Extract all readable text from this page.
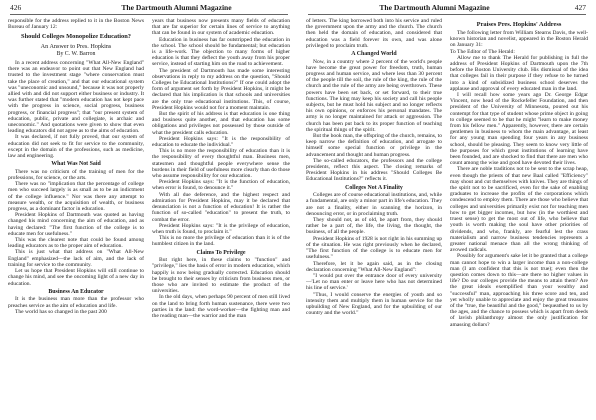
426	The Dartmouth Alumni Magazine

responsible for the address replied to it in the Boston News Bureau of January 12:

Should Colleges Monopolize Education?
An Answer to Pres. Hopkins
By C. W. Barron

In a recent address concerning "What All-New England" there was an endeavor to point out that New England had trusted to the investment stage "where conservation must take the place of creation," and that our educational system was "uneconomic and unsound," because it was not properly allied with and did not support either business or industry. It was further stated that "modern education has not kept pace with the progress in science, social progress, business progress, or financial progress"; that "our present system of education, public, private and collegiate, is archaic and uneconomic." And quotations were given to show that even leading educators did not agree as to the aims of education.

It was declared, if not fully proved, that our system of education did not seek to fit for service to the community, except in the domain of the professions, such as medicine, law and engineering.

What Was Not Said

There was no criticism of the training of men for the professions, for science, or the arts.

There was no "implication that the percentage of college men who succeed largely is as small as to be an indictment of the college influence." Nor was there any attempt to measure wealth, or the acquisition of wealth, or business progress, as a dominant factor in education.

President Hopkins of Dartmouth was quoted as having changed his mind concerning the aim of education, and as having declared: "The first function of the college is to educate men for usefulness."

This was the clearest note that could be found among leading educators as to the proper aim of education.

This is just what that address on "What All-New England" emphasized—the lack of aim, and the lack of training for service to the community.

Let us hope that President Hopkins will still continue to change his mind, and see the oncoming light of a new day in education.

Business An Educator

It is the business man more than the professor who preaches service as the aim of education and life.

The world has so changed in the past 200

years that business now presents many fields of education that are far superior for certain lines of service to anything that can be found in our system of academic education.

Education in business has far outstripped the education in the school. The school should be fundamental; but education is a life-work. The objection to many forms of higher education is that they deflect the youth away from his proper service, instead of starting him on the road to achievement.

The president of Dartmouth has made some interesting observations in reply to my address on the question, "Should Colleges be Educational Institutions?" If one could adopt the form of argument set forth by President Hopkins, it might be declared that his implication is that schools and universities are the only true educational institutions. This, of course, President Hopkins would not for a moment maintain.

But the spirit of his address is that education is one thing and business quite another, and that education has some obligations and privileges not possessed by those outside of what the president calls education.

President Hopkins says: "It is the responsibility of education to educate the individual."

This is no more the responsibility of education than it is the responsibility of every thoughtful man. Business men, statesmen and thoughtful people everywhere sense the burdens in their field of usefulness more clearly than do those who assume responsibility for our education.

President Hopkins says: "It is the function of education, when error is found, to denounce it."

With all due deference, and the highest respect and admiration for President Hopkins, may it be declared that denunciation is not a function of education! It is rather the function of so-called "education" to present the truth, to combat the error.

President Hopkins says: "It is the privilege of education, when truth is found, to proclaim it."

This is no more the privilege of education than it is of the humblest citizen in the land.

Claims To Privilege

But right here, in these claims to "function" and "privilege," lies the basis of error in modern education, which happily is now being gradually corrected. Education should be brought to their senses by criticism from business men, or those who are invited to estimate the product of the universities.

In the old days, when perhaps 90 percent of men still lived on the land to bring forth human sustenance, there were two parties in the land: the word-worker—the fighting man and the reading man—the warrior and the man

The Dartmouth Alumni Magazine	427

of letters. The king borrowed both into his service and ruled the government upon the army and the church. The church then held the domain of education, and considered that education was a field forever its own, and was alone privileged to proclaim truth.

A Changed World

Now, in a country where 2 percent of the world's people have become the great power for freedom, truth, human progress and human service, and where less than 30 percent of the people till the soil, the rule of the king, the rule of the church and the rule of the army are being overthrown. These powers have been set back, or set forward, to their true functions. The king may keep his society and call his people subjects, but he must hold his subject and no longer reflects his own opinions, or enforces his personal mandates. The army is no longer maintained for attack or aggression. The church has been put back to its proper function of teaching the spiritual things of the spirit.

But the book man, the offspring of the church, remains, to keep narrow the definition of education, and arrogate to himself some special function or privilege in the advancement and thought and human progress.

The so-called educators, the professors and the college presidents, reflect this aspect. The closing remarks of President Hopkins in his address "Should Colleges Be Educational Institutions?" reflects it.

Colleges Not A Finality

Colleges are of course educational institutions, and, while a fundamental, are only a minor part in life's education. They are not a finality, either in scanning the horizon, in denouncing error, or in proclaiming truth.

They should not, as of old, be apart from, they should rather be a part of, the life, the living, the thought, the business, of all the people.

President Hopkins of 1928 is not right in his summing up of the situation. He was right previously when he declared, "The first function of the college is to educate men for usefulness."

Therefore, let it be again said, as in the closing declaration concerning "What All-New England":

"I would put over the entrance door of every university—'Let no man enter or leave here who has not determined his line of service.'

"Thus, I would conserve the energies of youth and so intensity them and multiply them in human service for the upbuilding of New England, and for the upbuilding of our country and the world."

Praises Pres. Hopkins' Address

The following letter from William Stearns Davis, the well-known historian and novelist, appeared in the Boston Herald on January 31:

To The Editor of The Herald:

Allow me to thank The Herald for publishing in full the address of President Hopkins of Dartmouth upon the 7th before the Boston University club. His dismissal of the idea that colleges fail in their purpose if they refuse to be turned into a kind of subsidized business school deserves the applause and approval of every educated man in the land.

I will recall how some years ago Dr. George Edgar Vincent, now head of the Rockefeller Foundation, and then president of the University of Minnesota, poured out his contempt for that type of student whose prime object in going to college seemed to be that he might "learn to make money from his fellow men." Apparently, however, there are certain gentlemen in business to whom the main advantage, at least for any young man spending four years in any business school, should be pleasing. They seem to know very little of the purposes for which great institutions of learning have been founded, and are shocked to find that there are men who count among the wise and good have devoted their lives.

There are noble traditions not to be sent to the scrap heap, even though the priests of that new Baal called "Efficiency" may shout and cut themselves with knives. They are things of the spirit not to be sacrificed, even for the sake of enabling graduates to increase the profits of the corporations which condescend to employ them. There are those who believe that colleges and universities primarily exist not for teaching men how to get bigger incomes, but how (in the worthiest and truest sense) to get the most out of life, who believe that youth is worth making the soul have other priorities of dividends, and who, frankly, are fearful lest the crass materialism and narrow business tendencies represents a greater national menace than all the wrong thinking of avowed radicals.

Possibly for argument's sake let it be granted that a college man cannot hope to win a larger income than a non-college man (I am confident that this is not true); even then the question comes down to this—are there no higher values in life? Do our colleges provide the means to attain them? Are the great ideals exemplified than your wealthy and "successful" man, approaching his three score and ten, and yet wholly unable to appreciate and enjoy the great treasures of the "true, the beautiful and the good," bequeathed to us by the ages, and the chance to possess which is apart from deeds of lavish philanthropy almost the only justification for amassing dollars?
